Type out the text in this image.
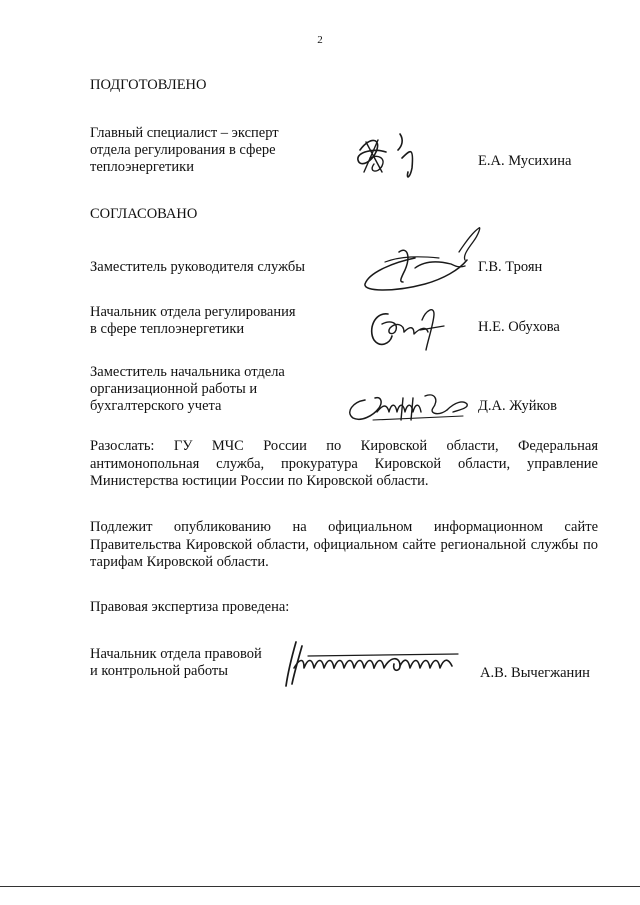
2
ПОДГОТОВЛЕНО
Главный специалист – эксперт
отдела регулирования в сфере
теплоэнергетики	Е.А. Мусихина
СОГЛАСОВАНО
Заместитель руководителя службы	Г.В. Троян
Начальник отдела регулирования
в сфере теплоэнергетики	Н.Е. Обухова
Заместитель начальника отдела
организационной работы и
бухгалтерского учета	Д.А. Жуйков
Разослать: ГУ МЧС России по Кировской области, Федеральная антимонопольная служба, прокуратура Кировской области, управление Министерства юстиции России по Кировской области.
Подлежит опубликованию на официальном информационном сайте Правительства Кировской области, официальном сайте региональной службы по тарифам Кировской области.
Правовая экспертиза проведена:
Начальник отдела правовой
и контрольной работы	А.В. Вычегжанин
